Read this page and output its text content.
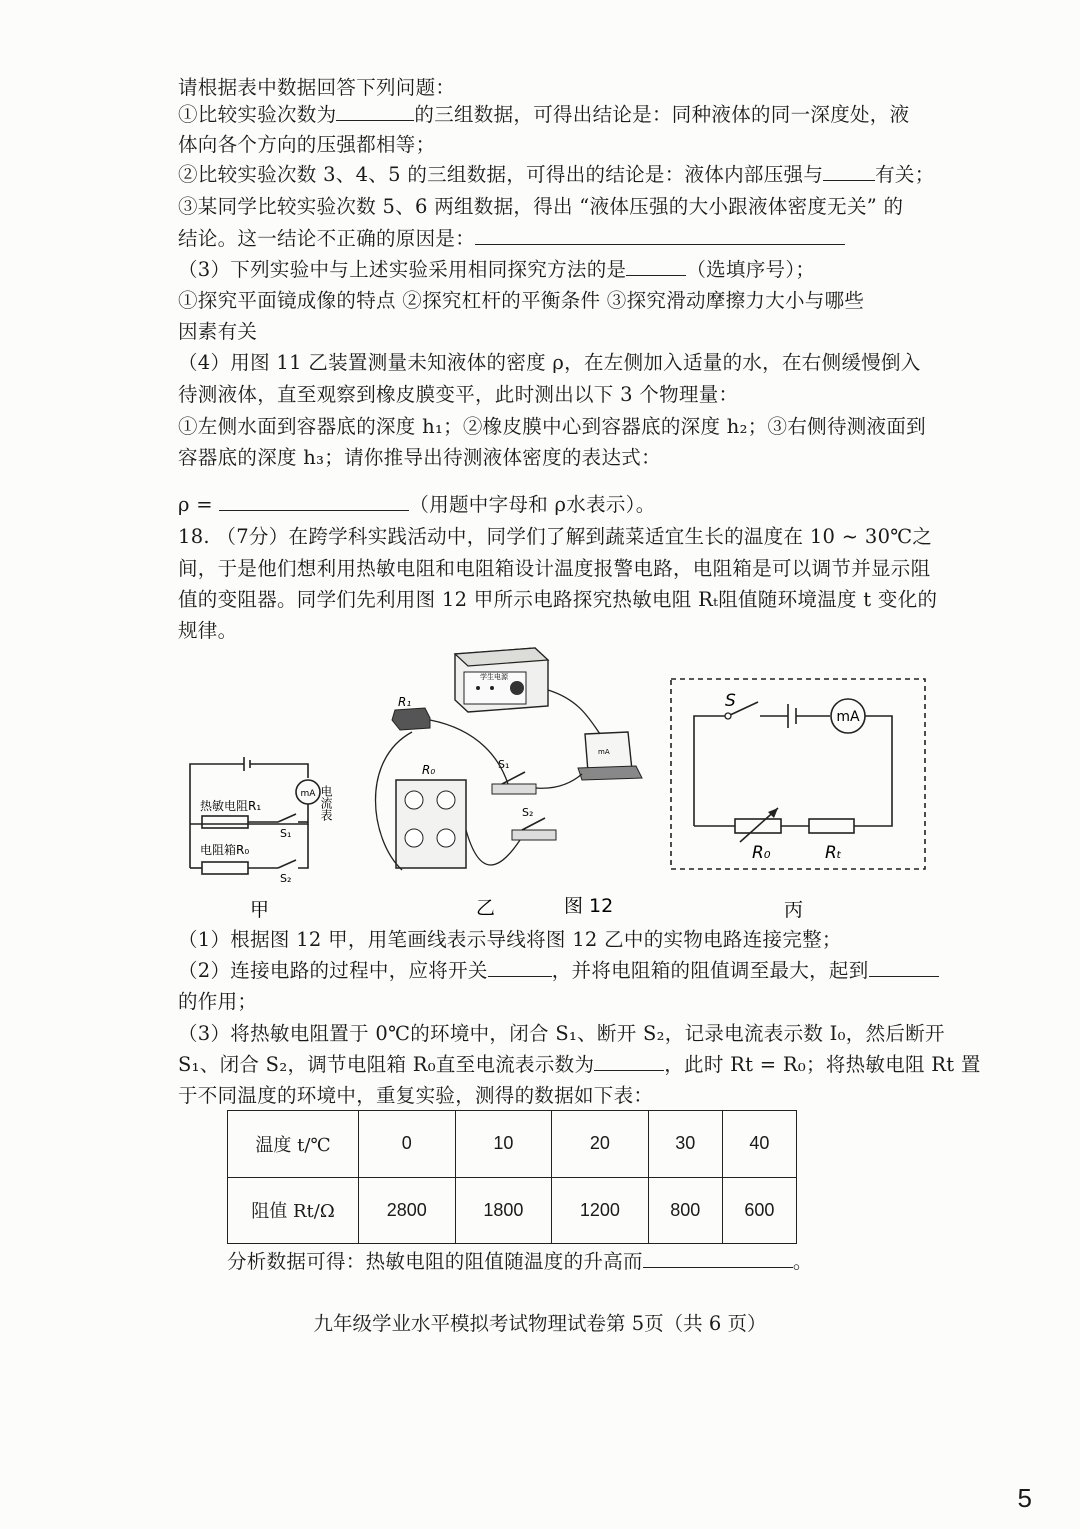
请根据表中数据回答下列问题：
①比较实验次数为	的三组数据，可得出结论是：同种液体的同一深度处，液
体向各个方向的压强都相等；
②比较实验次数 3、4、5 的三组数据，可得出的结论是：液体内部压强与	有关；
③某同学比较实验次数 5、6 两组数据，得出 “液体压强的大小跟液体密度无关” 的
结论。这一结论不正确的原因是：
（3）下列实验中与上述实验采用相同探究方法的是	（选填序号）；
①探究平面镜成像的特点 ②探究杠杆的平衡条件 ③探究滑动摩擦力大小与哪些
因素有关
（4）用图 11 乙装置测量未知液体的密度 ρ，在左侧加入适量的水，在右侧缓慢倒入
待测液体，直至观察到橡皮膜变平，此时测出以下 3 个物理量：
①左侧水面到容器底的深度 h₁；②橡皮膜中心到容器底的深度 h₂；③右侧待测液面到
容器底的深度 h₃；请你推导出待测液体密度的表达式：
ρ =	（用题中字母和 ρ水表示）。
18. （7分）在跨学科实践活动中，同学们了解到蔬菜适宜生长的温度在 10 ~ 30℃之
间，于是他们想利用热敏电阻和电阻箱设计温度报警电路，电阻箱是可以调节并显示阻
值的变阻器。同学们先利用图 12 甲所示电路探究热敏电阻 Rₜ阻值随环境温度 t 变化的
规律。
mA
热敏电阻R₁
电阻箱R₀
S₁
S₂
电流表
甲
学生电源
R₁
R₀	S₁
S₂
mA
乙	图 12
mA
S
R₀	Rₜ
丙
（1）根据图 12 甲，用笔画线表示导线将图 12 乙中的实物电路连接完整；
（2）连接电路的过程中，应将开关	，并将电阻箱的阻值调至最大，起到
的作用；
（3）将热敏电阻置于 0℃的环境中，闭合 S₁、断开 S₂，记录电流表示数 I₀，然后断开
S₁、闭合 S₂，调节电阻箱 R₀直至电流表示数为	，此时 Rt = R₀；将热敏电阻 Rt 置
于不同温度的环境中，重复实验，测得的数据如下表：
温度 t/℃	0	10	20	30	40
阻值 Rt/Ω	2800	1800	1200	800	600
分析数据可得：热敏电阻的阻值随温度的升高而	。
九年级学业水平模拟考试物理试卷第 5页（共 6 页）
5
